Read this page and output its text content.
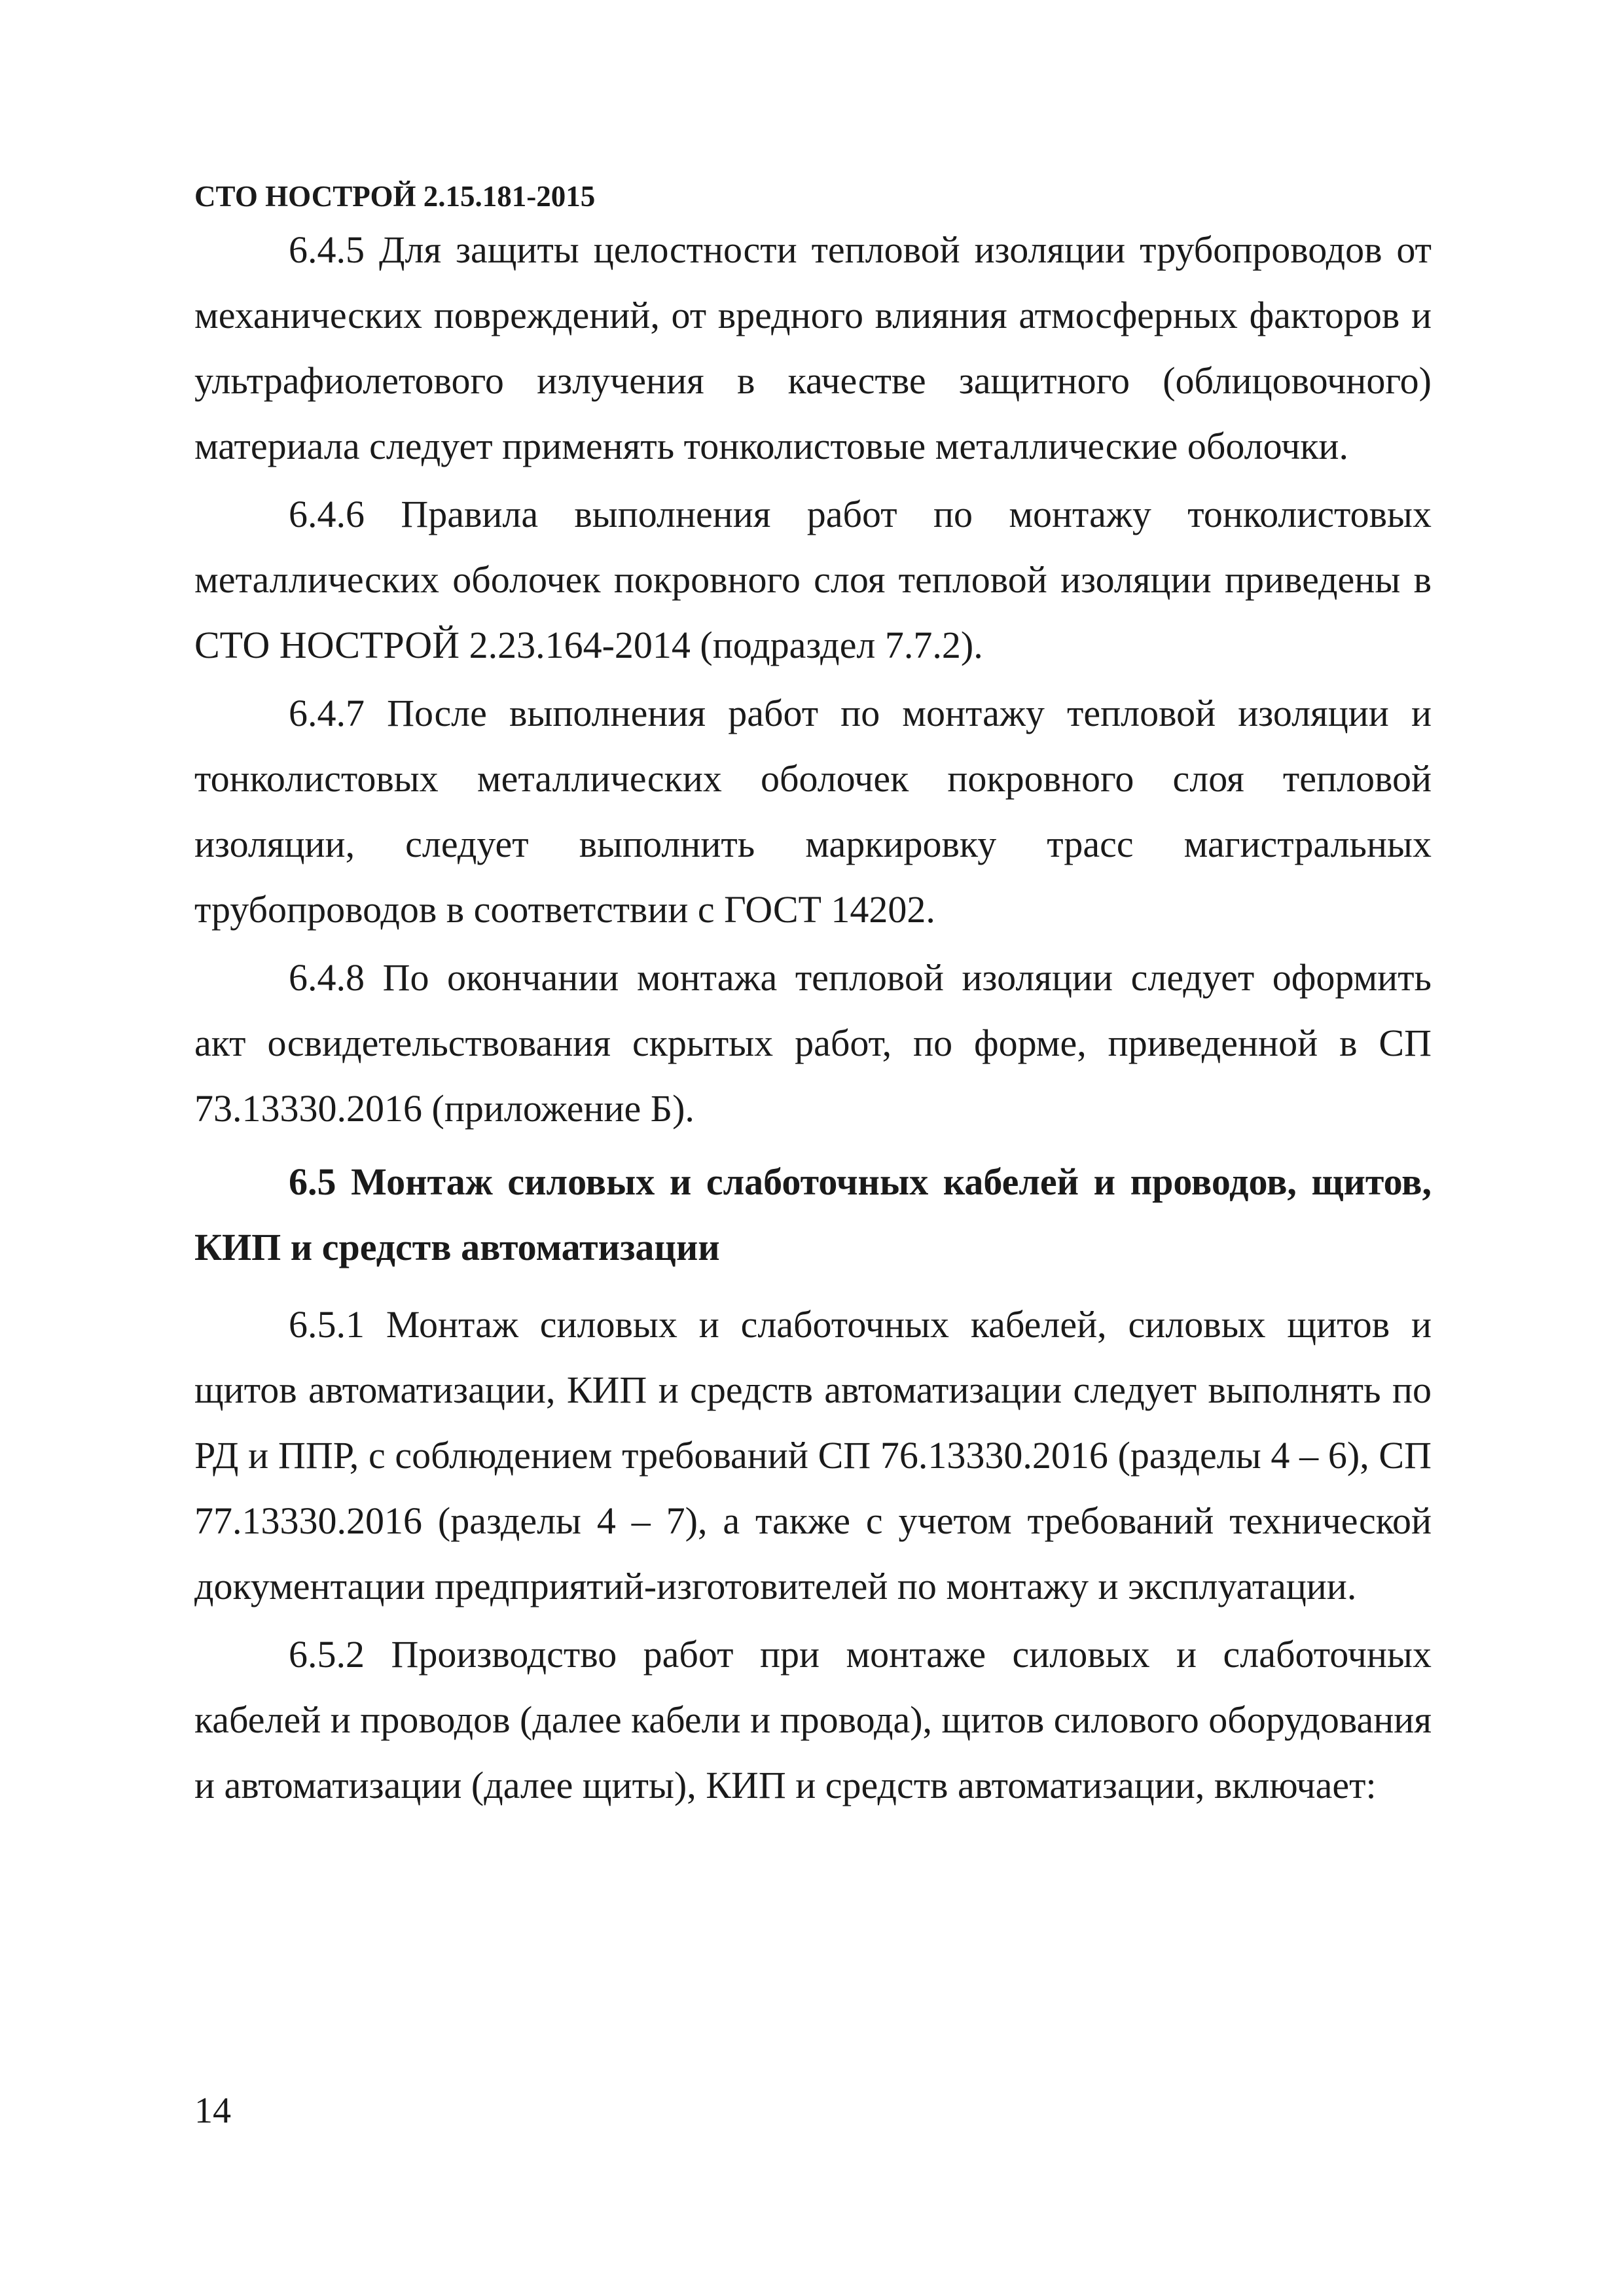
СТО НОСТРОЙ 2.15.181-2015

6.4.5 Для защиты целостности тепловой изоляции трубопроводов от механических повреждений, от вредного влияния атмосферных факторов и ультрафиолетового излучения в качестве защитного (облицовочного) материала следует применять тонколистовые металлические оболочки.

6.4.6 Правила выполнения работ по монтажу тонколистовых металлических оболочек покровного слоя тепловой изоляции приведены в СТО НОСТРОЙ 2.23.164-2014 (подраздел 7.7.2).

6.4.7 После выполнения работ по монтажу тепловой изоляции и тонколистовых металлических оболочек покровного слоя тепловой изоляции, следует выполнить маркировку трасс магистральных трубопроводов в соответствии с ГОСТ 14202.

6.4.8 По окончании монтажа тепловой изоляции следует оформить акт освидетельствования скрытых работ, по форме, приведенной в СП 73.13330.2016 (приложение Б).

6.5 Монтаж силовых и слаботочных кабелей и проводов, щитов, КИП и средств автоматизации

6.5.1 Монтаж силовых и слаботочных кабелей, силовых щитов и щитов автоматизации, КИП и средств автоматизации следует выполнять по РД и ППР, с соблюдением требований СП 76.13330.2016 (разделы 4 – 6), СП 77.13330.2016 (разделы 4 – 7), а также с учетом требований технической документации предприятий-изготовителей по монтажу и эксплуатации.

6.5.2 Производство работ при монтаже силовых и слаботочных кабелей и проводов (далее кабели и провода), щитов силового оборудования и автоматизации (далее щиты), КИП и средств автоматизации, включает:

14
